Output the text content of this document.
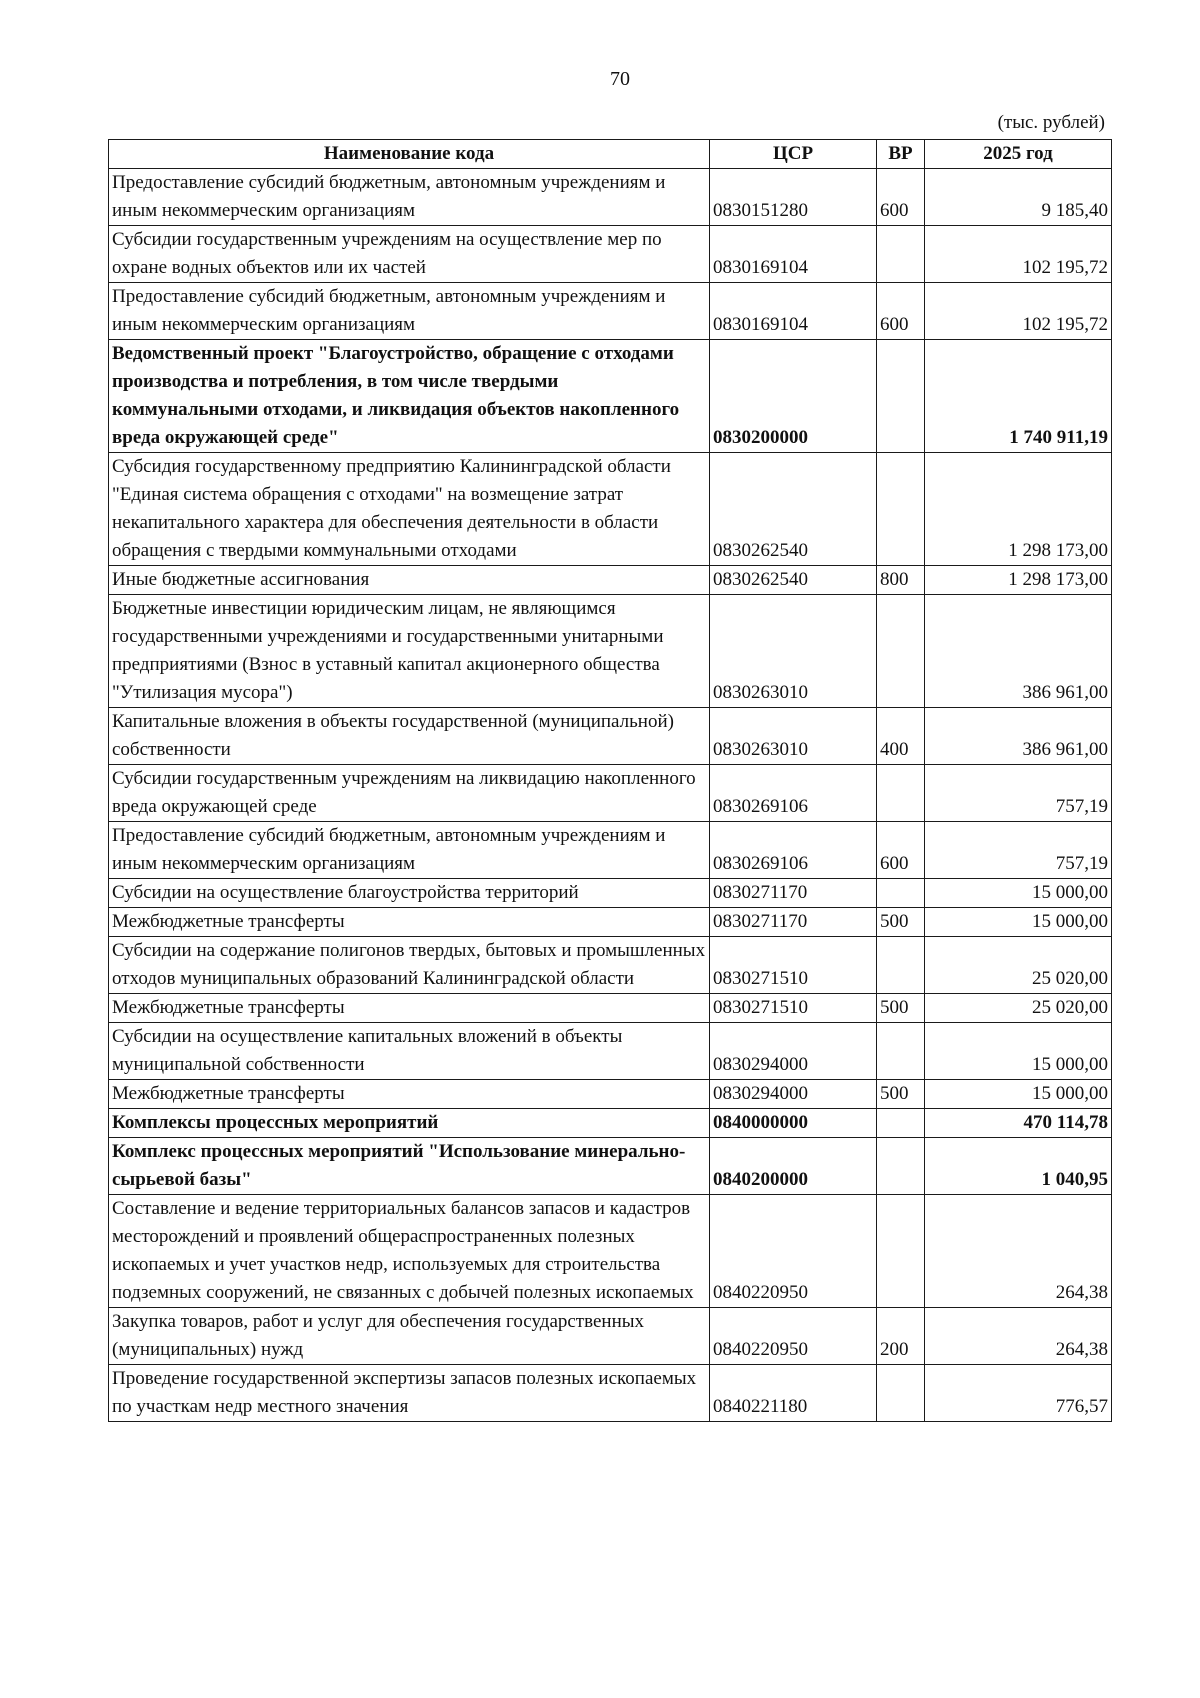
70
(тыс. рублей)
Наименование кода	ЦСР	ВР	2025 год
Предоставление субсидий бюджетным, автономным учреждениям и иным некоммерческим организациям	0830151280	600	9 185,40
Субсидии государственным учреждениям на осуществление мер по охране водных объектов или их частей	0830169104		102 195,72
Предоставление субсидий бюджетным, автономным учреждениям и иным некоммерческим организациям	0830169104	600	102 195,72
Ведомственный проект "Благоустройство, обращение с отходами производства и потребления, в том числе твердыми коммунальными отходами, и ликвидация объектов накопленного вреда окружающей среде"	0830200000		1 740 911,19
Субсидия государственному предприятию Калининградской области "Единая система обращения с отходами" на возмещение затрат некапитального характера для обеспечения деятельности в области обращения с твердыми коммунальными отходами	0830262540		1 298 173,00
Иные бюджетные ассигнования	0830262540	800	1 298 173,00
Бюджетные инвестиции юридическим лицам, не являющимся государственными учреждениями и государственными унитарными предприятиями (Взнос в уставный капитал акционерного общества "Утилизация мусора")	0830263010		386 961,00
Капитальные вложения в объекты государственной (муниципальной) собственности	0830263010	400	386 961,00
Субсидии государственным учреждениям на ликвидацию накопленного вреда окружающей среде	0830269106		757,19
Предоставление субсидий бюджетным, автономным учреждениям и иным некоммерческим организациям	0830269106	600	757,19
Субсидии на осуществление благоустройства территорий	0830271170		15 000,00
Межбюджетные трансферты	0830271170	500	15 000,00
Субсидии на содержание полигонов твердых, бытовых и промышленных отходов муниципальных образований Калининградской области	0830271510		25 020,00
Межбюджетные трансферты	0830271510	500	25 020,00
Субсидии на осуществление капитальных вложений в объекты муниципальной собственности	0830294000		15 000,00
Межбюджетные трансферты	0830294000	500	15 000,00
Комплексы процессных мероприятий	0840000000		470 114,78
Комплекс процессных мероприятий "Использование минерально-сырьевой базы"	0840200000		1 040,95
Составление и ведение территориальных балансов запасов и кадастров месторождений и проявлений общераспространенных полезных ископаемых и учет участков недр, используемых для строительства подземных сооружений, не связанных с добычей полезных ископаемых	0840220950		264,38
Закупка товаров, работ и услуг для обеспечения государственных (муниципальных) нужд	0840220950	200	264,38
Проведение государственной экспертизы запасов полезных ископаемых по участкам недр местного значения	0840221180		776,57
